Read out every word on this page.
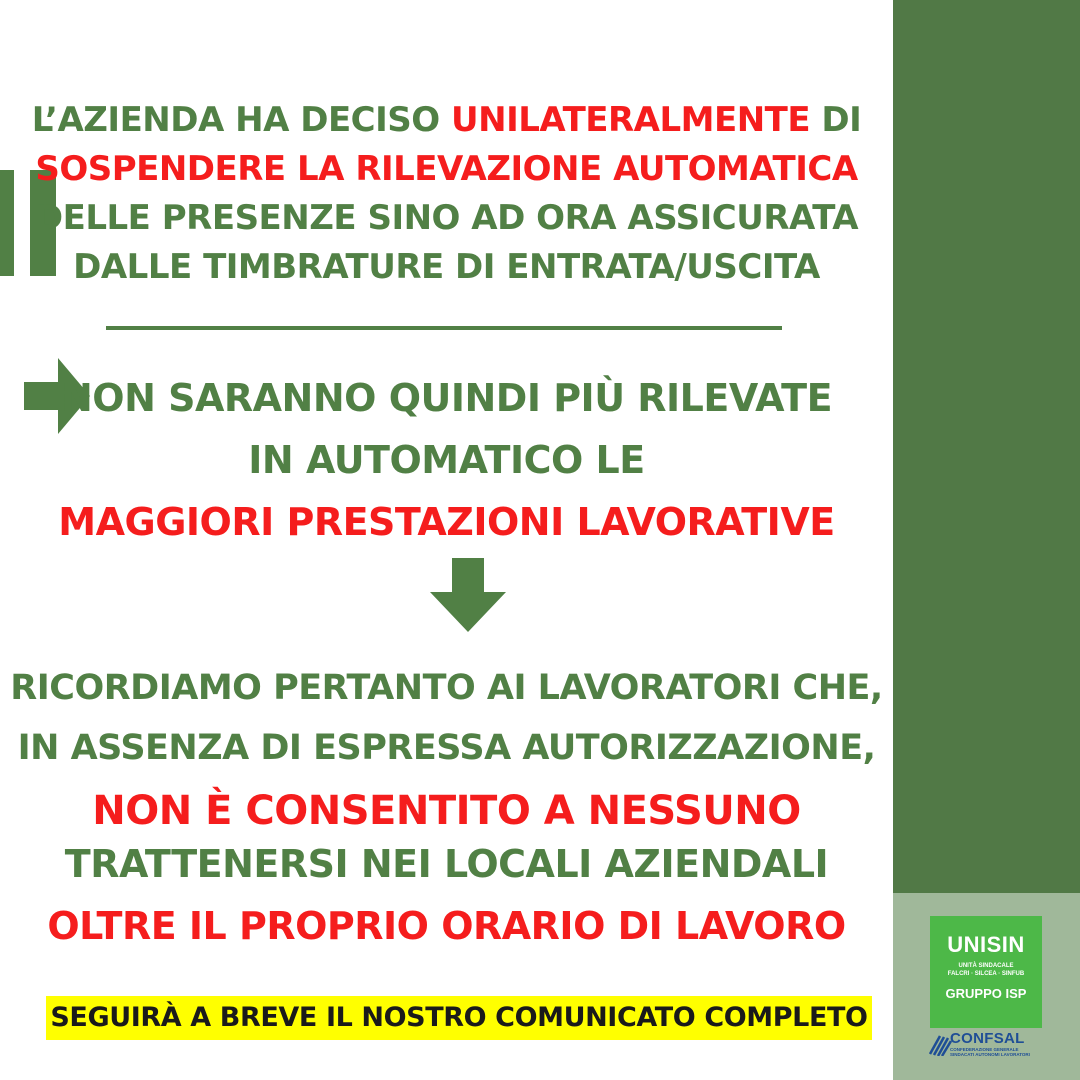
L’AZIENDA HA DECISO UNILATERALMENTE DI
SOSPENDERE LA RILEVAZIONE AUTOMATICA
DELLE PRESENZE SINO AD ORA ASSICURATA
DALLE TIMBRATURE DI ENTRATA/USCITA
NON SARANNO QUINDI PIÙ RILEVATE
IN AUTOMATICO LE
MAGGIORI PRESTAZIONI LAVORATIVE
RICORDIAMO PERTANTO AI LAVORATORI CHE,
IN ASSENZA DI ESPRESSA AUTORIZZAZIONE,
NON È CONSENTITO A NESSUNO
TRATTENERSI NEI LOCALI AZIENDALI
OLTRE IL PROPRIO ORARIO DI LAVORO
SEGUIRÀ A BREVE IL NOSTRO COMUNICATO COMPLETO
UNISIN
UNITÀ SINDACALE
FALCRI · SILCEA · SINFUB
GRUPPO ISP
CONFSAL
CONFEDERAZIONE GENERALE SINDACATI AUTONOMI LAVORATORI
